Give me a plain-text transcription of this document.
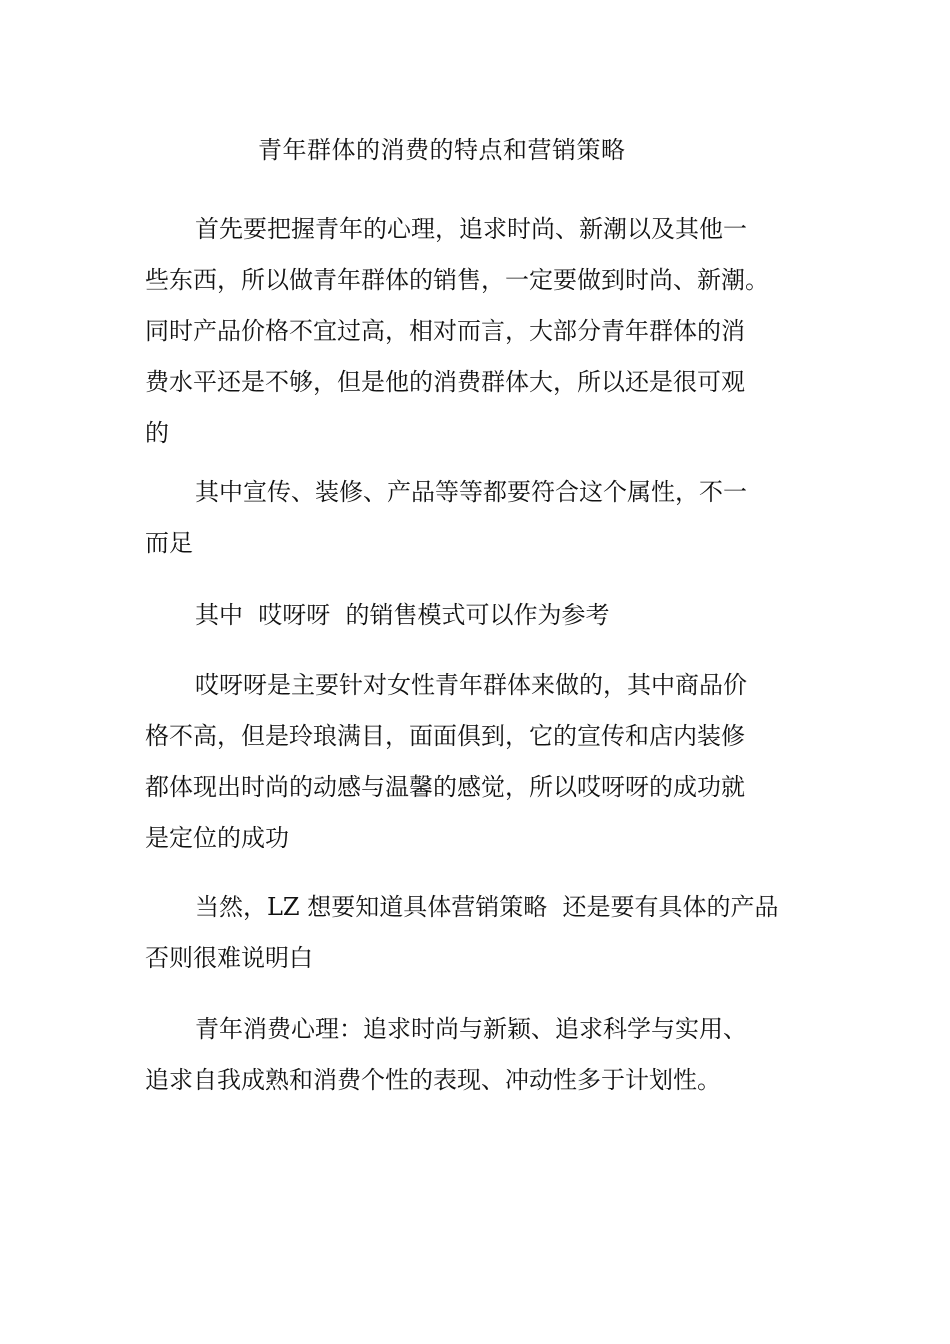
青年群体的消费的特点和营销策略
首先要把握青年的心理，追求时尚、新潮以及其他一
些东西，所以做青年群体的销售，一定要做到时尚、新潮。
同时产品价格不宜过高，相对而言，大部分青年群体的消
费水平还是不够，但是他的消费群体大，所以还是很可观
的
其中宣传、装修、产品等等都要符合这个属性，不一
而足
其中  哎呀呀  的销售模式可以作为参考
哎呀呀是主要针对女性青年群体来做的，其中商品价
格不高，但是玲琅满目，面面俱到，它的宣传和店内装修
都体现出时尚的动感与温馨的感觉，所以哎呀呀的成功就
是定位的成功
当然，LZ 想要知道具体营销策略  还是要有具体的产品
否则很难说明白
青年消费心理：追求时尚与新颖、追求科学与实用、
追求自我成熟和消费个性的表现、冲动性多于计划性。
